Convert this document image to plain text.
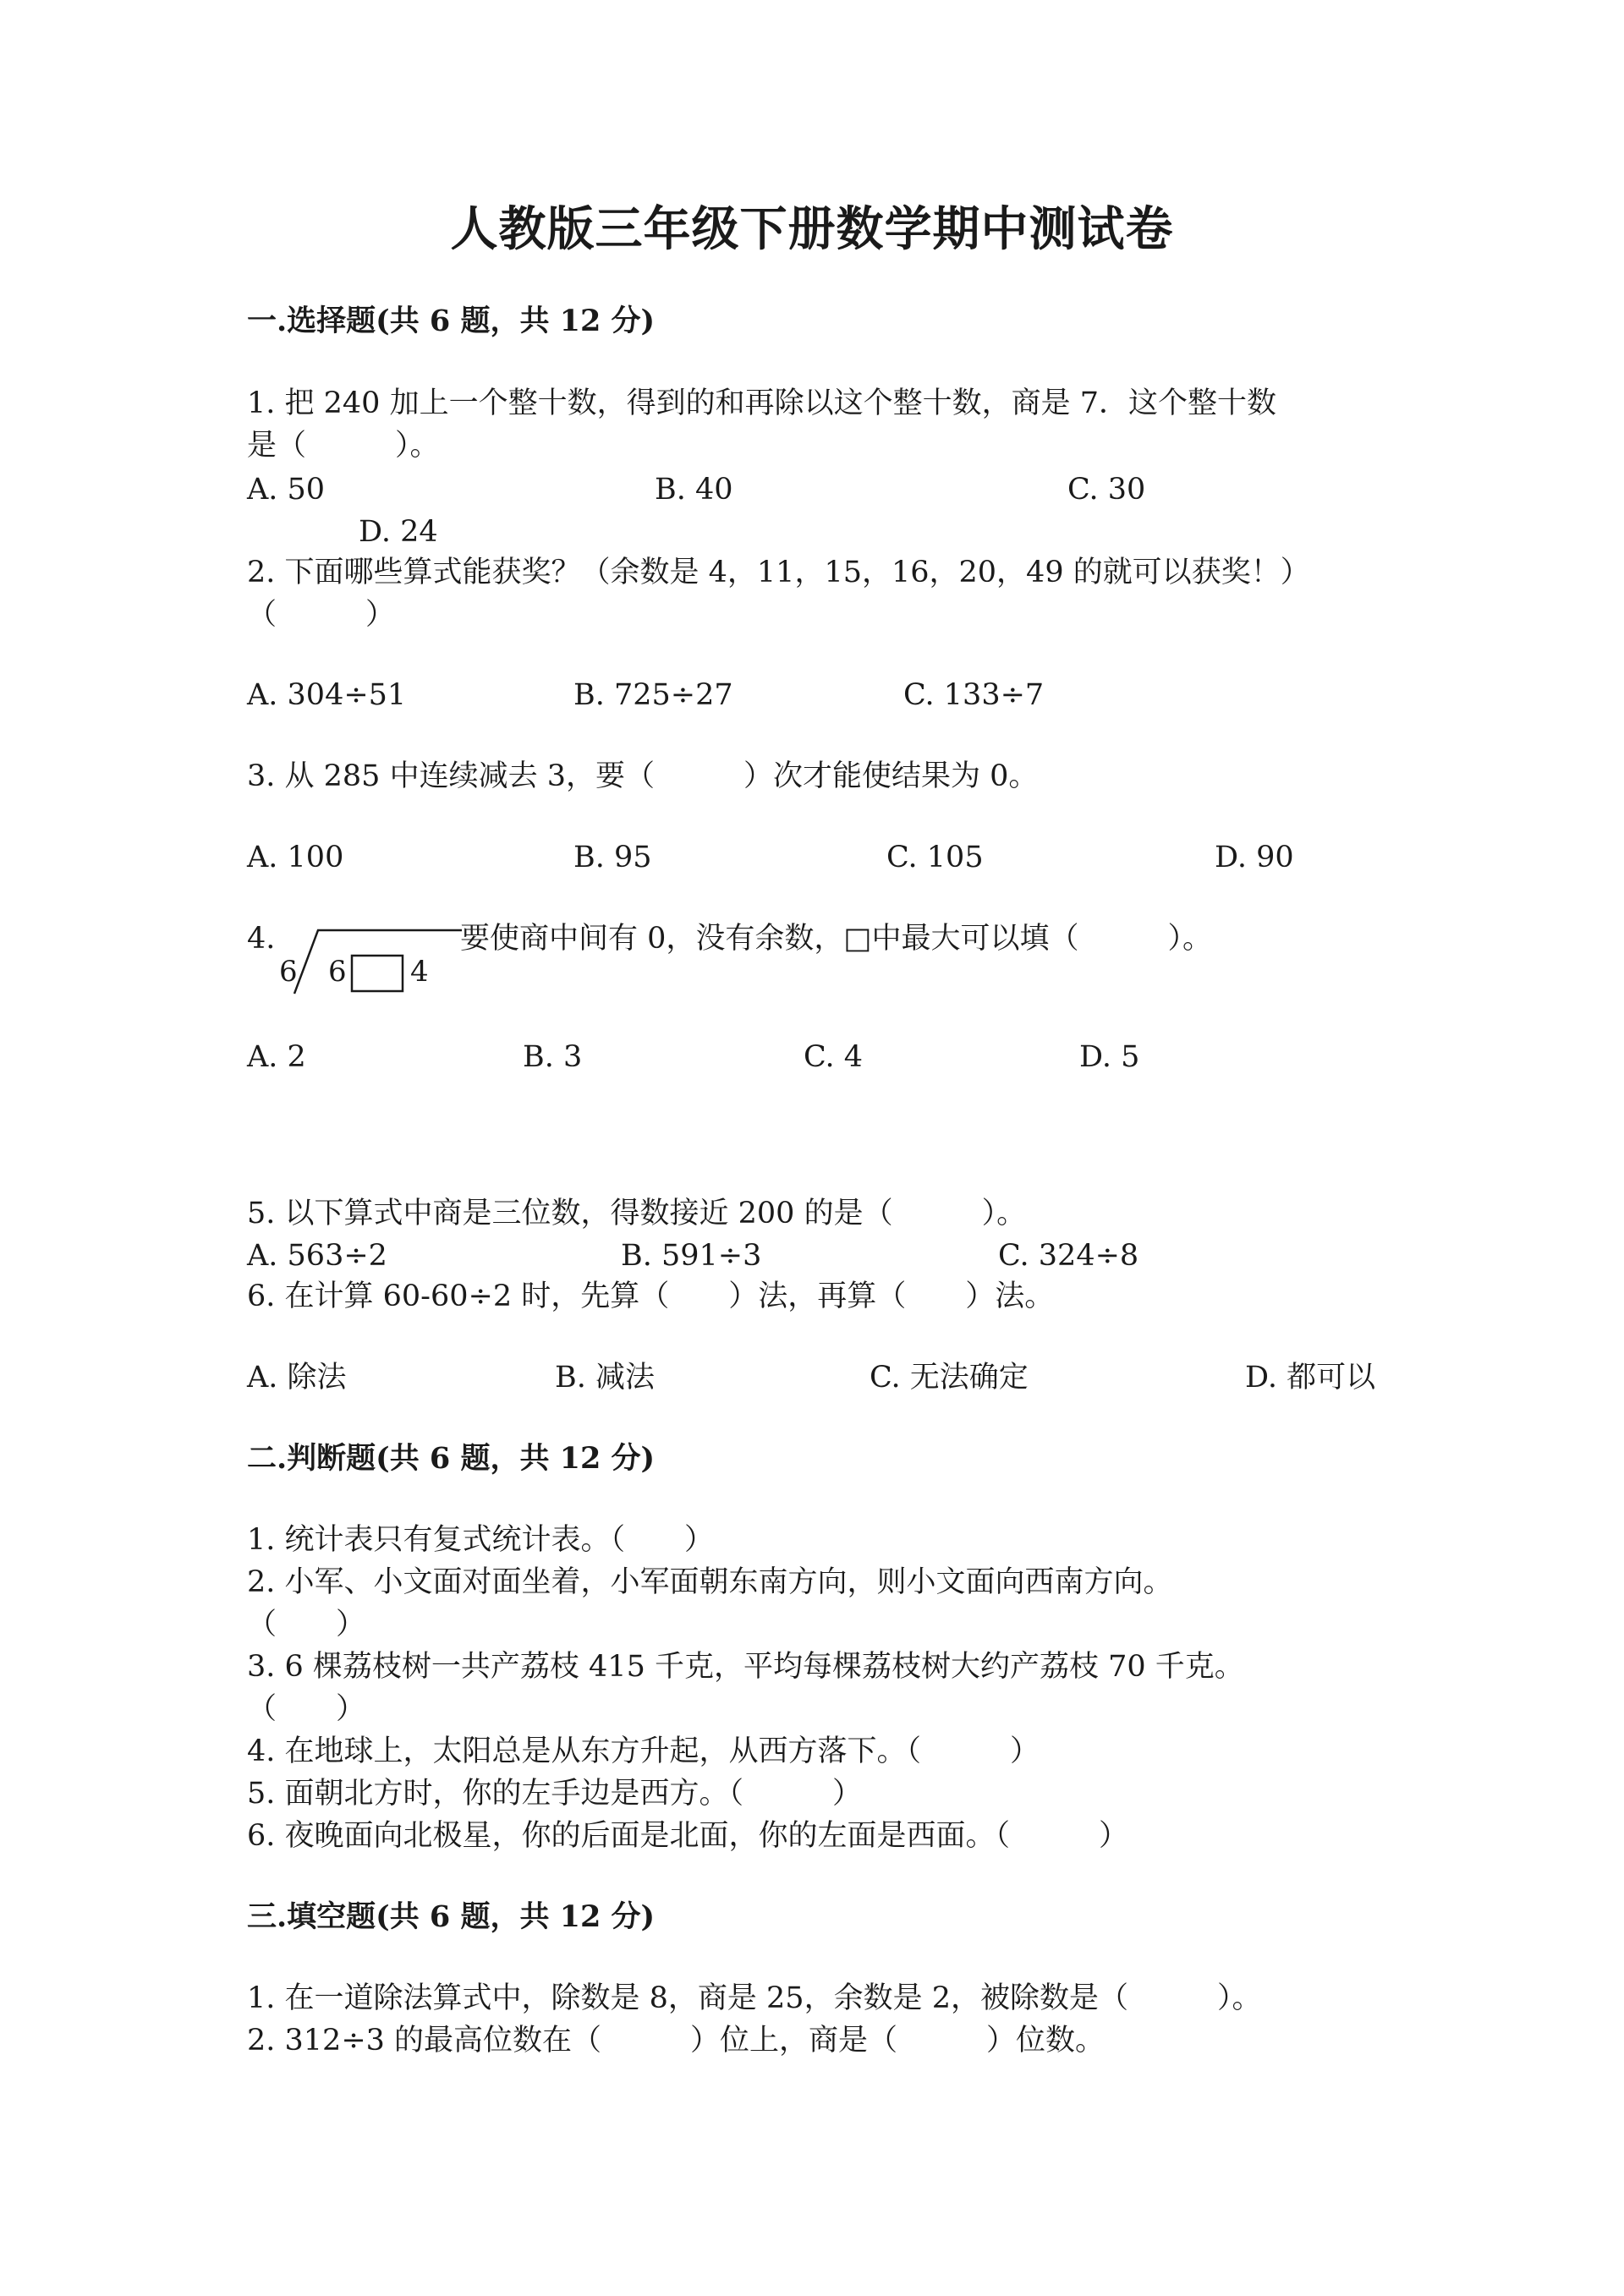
人教版三年级下册数学期中测试卷
一.选择题(共 6 题，共 12 分)
1. 把 240 加上一个整十数，得到的和再除以这个整十数，商是 7．这个整十数
是（　　　）。
A. 50	B. 40	C. 30
D. 24
2. 下面哪些算式能获奖？（余数是 4，11，15，16，20，49 的就可以获奖！）
（　　　）
A. 304÷51	B. 725÷27	C. 133÷7
3. 从 285 中连续减去 3，要（　　　）次才能使结果为 0。
A. 100	B. 95	C. 105	D. 90
4.
6 6 4
要使商中间有 0，没有余数，□中最大可以填（　　　）。
A. 2	B. 3	C. 4	D. 5
5. 以下算式中商是三位数，得数接近 200 的是（　　　）。
A. 563÷2	B. 591÷3	C. 324÷8
6. 在计算 60-60÷2 时，先算（　　）法，再算（　　）法。
A. 除法	B. 减法	C. 无法确定	D. 都可以
二.判断题(共 6 题，共 12 分)
1. 统计表只有复式统计表。（　　）
2. 小军、小文面对面坐着，小军面朝东南方向，则小文面向西南方向。
（　　）
3. 6 棵荔枝树一共产荔枝 415 千克，平均每棵荔枝树大约产荔枝 70 千克。
（　　）
4. 在地球上，太阳总是从东方升起，从西方落下。（　　　）
5. 面朝北方时，你的左手边是西方。（　　　）
6. 夜晚面向北极星，你的后面是北面，你的左面是西面。（　　　）
三.填空题(共 6 题，共 12 分)
1. 在一道除法算式中，除数是 8，商是 25，余数是 2，被除数是（　　　）。
2. 312÷3 的最高位数在（　　　）位上，商是（　　　）位数。
